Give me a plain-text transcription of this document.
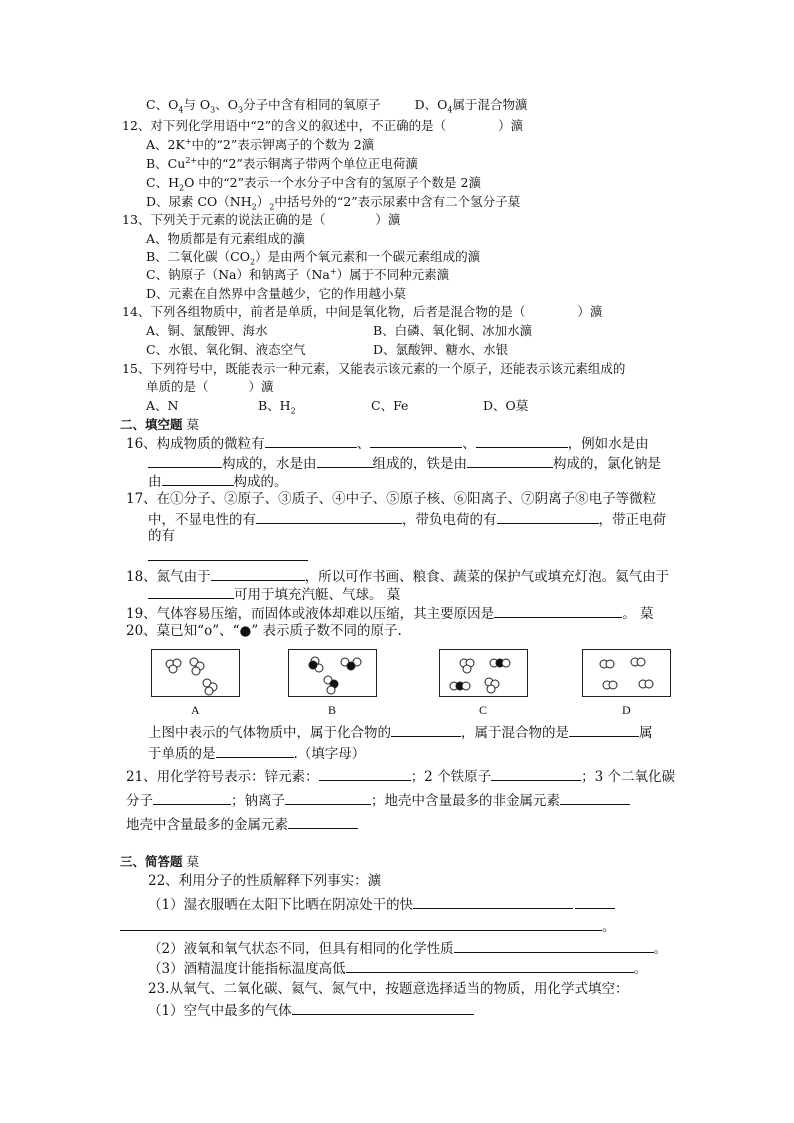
C、$O_4$与 $O_3$、$O_3$分子中含有相同的氧原子	D、$O_4$属于混合物瀇
12、对下列化学用语中“2”的含义的叙述中，不正确的是（	）瀇
A、2K+中的“2”表示钾离子的个数为 2瀇
B、$Cu^{2+}$中的“2”表示铜离子带两个单位正电荷瀇
C、$H_2O$ 中的“2”表示一个水分子中含有的氢原子个数是 2瀇
D、尿素 $CO(NH_2)_2$中括号外的“2”表示尿素中含有二个氢分子菒
13、下列关于元素的说法正确的是（	）瀇
A、物质都是有元素组成的瀇
B、二氧化碳$(CO_2)$是由两个氧元素和一个碳元素组成的瀇
C、钠原子（Na）和钠离子（Na+）属于不同种元素瀇
D、元素在自然界中含量越少，它的作用越小菒
14、下列各组物质中，前者是单质，中间是氧化物，后者是混合物的是（	）瀇
A、铜、氯酸钾、海水	B、白磷、氧化铜、冰加水瀇
C、水银、氧化铜、液态空气	D、氯酸钾、糖水、水银
15、下列符号中，既能表示一种元素，又能表示该元素的一个原子，还能表示该元素组成的
单质的是（	）瀇
A、N	B、$H_2$	C、Fe	D、O菒
二、填空题 菒
16、构成物质的微粒有	、	、	，例如水是由
构成的，水是由	组成的，铁是由	构成的，氯化钠是
由	构成的。
17、在①分子、②原子、③质子、④中子、⑤原子核、⑥阳离子、⑦阴离子⑧电子等微粒
中，不显电性的有	，带负电荷的有	，带正电荷
的有
18、氮气由于	，所以可作书画、粮食、蔬菜的保护气或填充灯泡。氦气由于
可用于填充汽艇、气球。 菒
19、气体容易压缩，而固体或液体却难以压缩，其主要原因是	。 菒
20、菒已知“o”、“●” 表示质子数不同的原子.
A	B	C	D
上图中表示的气体物质中，属于化合物的	，属于混合物的是	属
于单质的是	.（填字母）
21、用化学符号表示：锌元素：	；2 个铁原子	；3 个二氧化碳
分子	；钠离子	；地壳中含量最多的非金属元素
地壳中含量最多的金属元素
三、简答题 菒
22、利用分子的性质解释下列事实：瀇
（1）湿衣服晒在太阳下比晒在阴凉处干的快
。
（2）液氧和氧气状态不同，但具有相同的化学性质	。
（3）酒精温度计能指标温度高低	。
23.从氧气、二氧化碳、氦气、氮气中，按题意选择适当的物质，用化学式填空：
（1）空气中最多的气体
